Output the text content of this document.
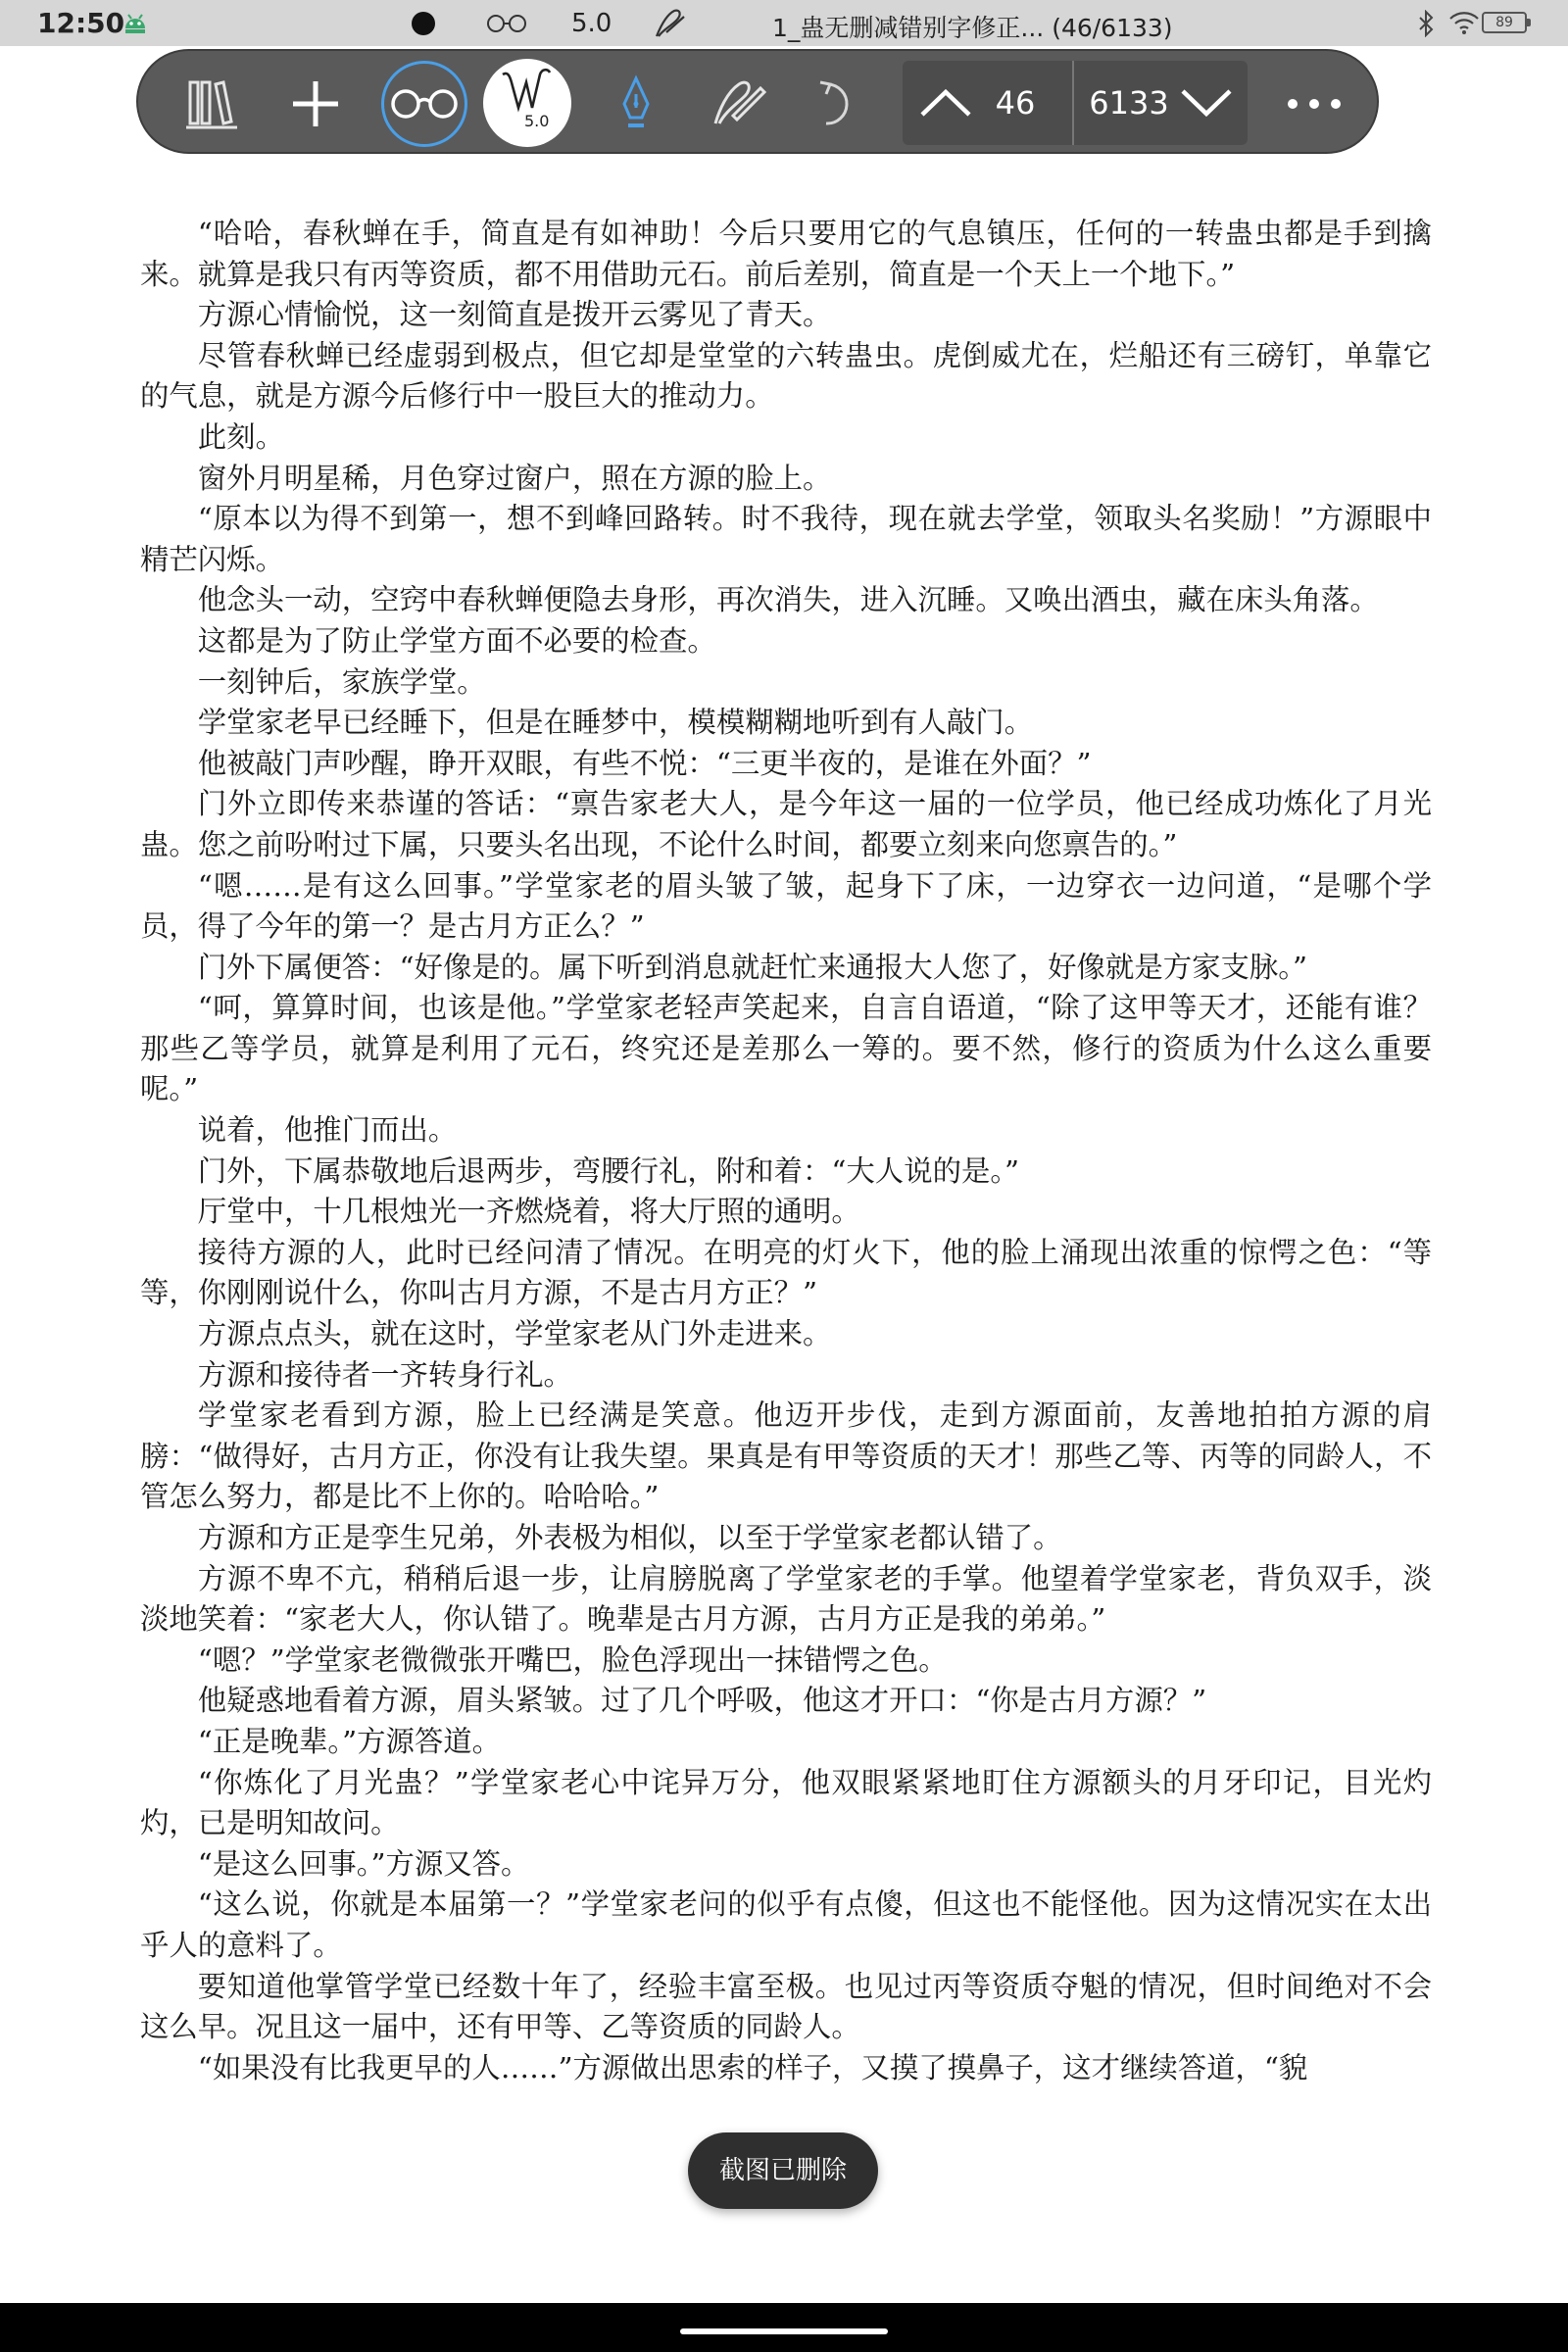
12:50	5.0	1_蛊无删减错别字修正... (46/6133)	89
5.0	46	6133

“哈哈，春秋蝉在手，简直是有如神助！今后只要用它的气息镇压，任何的一转蛊虫都是手到擒来。就算是我只有丙等资质，都不用借助元石。前后差别，简直是一个天上一个地下。”

方源心情愉悦，这一刻简直是拨开云雾见了青天。

尽管春秋蝉已经虚弱到极点，但它却是堂堂的六转蛊虫。虎倒威尤在，烂船还有三磅钉，单靠它的气息，就是方源今后修行中一股巨大的推动力。

此刻。

窗外月明星稀，月色穿过窗户，照在方源的脸上。

“原本以为得不到第一，想不到峰回路转。时不我待，现在就去学堂，领取头名奖励！”方源眼中精芒闪烁。

他念头一动，空窍中春秋蝉便隐去身形，再次消失，进入沉睡。又唤出酒虫，藏在床头角落。

这都是为了防止学堂方面不必要的检查。

一刻钟后，家族学堂。

学堂家老早已经睡下，但是在睡梦中，模模糊糊地听到有人敲门。

他被敲门声吵醒，睁开双眼，有些不悦：“三更半夜的，是谁在外面？”

门外立即传来恭谨的答话：“禀告家老大人，是今年这一届的一位学员，他已经成功炼化了月光蛊。您之前吩咐过下属，只要头名出现，不论什么时间，都要立刻来向您禀告的。”

“嗯……是有这么回事。”学堂家老的眉头皱了皱，起身下了床，一边穿衣一边问道，“是哪个学员，得了今年的第一？是古月方正么？”

门外下属便答：“好像是的。属下听到消息就赶忙来通报大人您了，好像就是方家支脉。”

“呵，算算时间，也该是他。”学堂家老轻声笑起来，自言自语道，“除了这甲等天才，还能有谁？那些乙等学员，就算是利用了元石，终究还是差那么一筹的。要不然，修行的资质为什么这么重要呢。”

说着，他推门而出。

门外，下属恭敬地后退两步，弯腰行礼，附和着：“大人说的是。”

厅堂中，十几根烛光一齐燃烧着，将大厅照的通明。

接待方源的人，此时已经问清了情况。在明亮的灯火下，他的脸上涌现出浓重的惊愕之色：“等等，你刚刚说什么，你叫古月方源，不是古月方正？”

方源点点头，就在这时，学堂家老从门外走进来。

方源和接待者一齐转身行礼。

学堂家老看到方源，脸上已经满是笑意。他迈开步伐，走到方源面前，友善地拍拍方源的肩膀：“做得好，古月方正，你没有让我失望。果真是有甲等资质的天才！那些乙等、丙等的同龄人，不管怎么努力，都是比不上你的。哈哈哈。”

方源和方正是孪生兄弟，外表极为相似，以至于学堂家老都认错了。

方源不卑不亢，稍稍后退一步，让肩膀脱离了学堂家老的手掌。他望着学堂家老，背负双手，淡淡地笑着：“家老大人，你认错了。晚辈是古月方源，古月方正是我的弟弟。”

“嗯？”学堂家老微微张开嘴巴，脸色浮现出一抹错愕之色。

他疑惑地看着方源，眉头紧皱。过了几个呼吸，他这才开口：“你是古月方源？”

“正是晚辈。”方源答道。

“你炼化了月光蛊？”学堂家老心中诧异万分，他双眼紧紧地盯住方源额头的月牙印记，目光灼灼，已是明知故问。

“是这么回事。”方源又答。

“这么说，你就是本届第一？”学堂家老问的似乎有点傻，但这也不能怪他。因为这情况实在太出乎人的意料了。

要知道他掌管学堂已经数十年了，经验丰富至极。也见过丙等资质夺魁的情况，但时间绝对不会这么早。况且这一届中，还有甲等、乙等资质的同龄人。

“如果没有比我更早的人……”方源做出思索的样子，又摸了摸鼻子，这才继续答道，“貌

截图已删除
